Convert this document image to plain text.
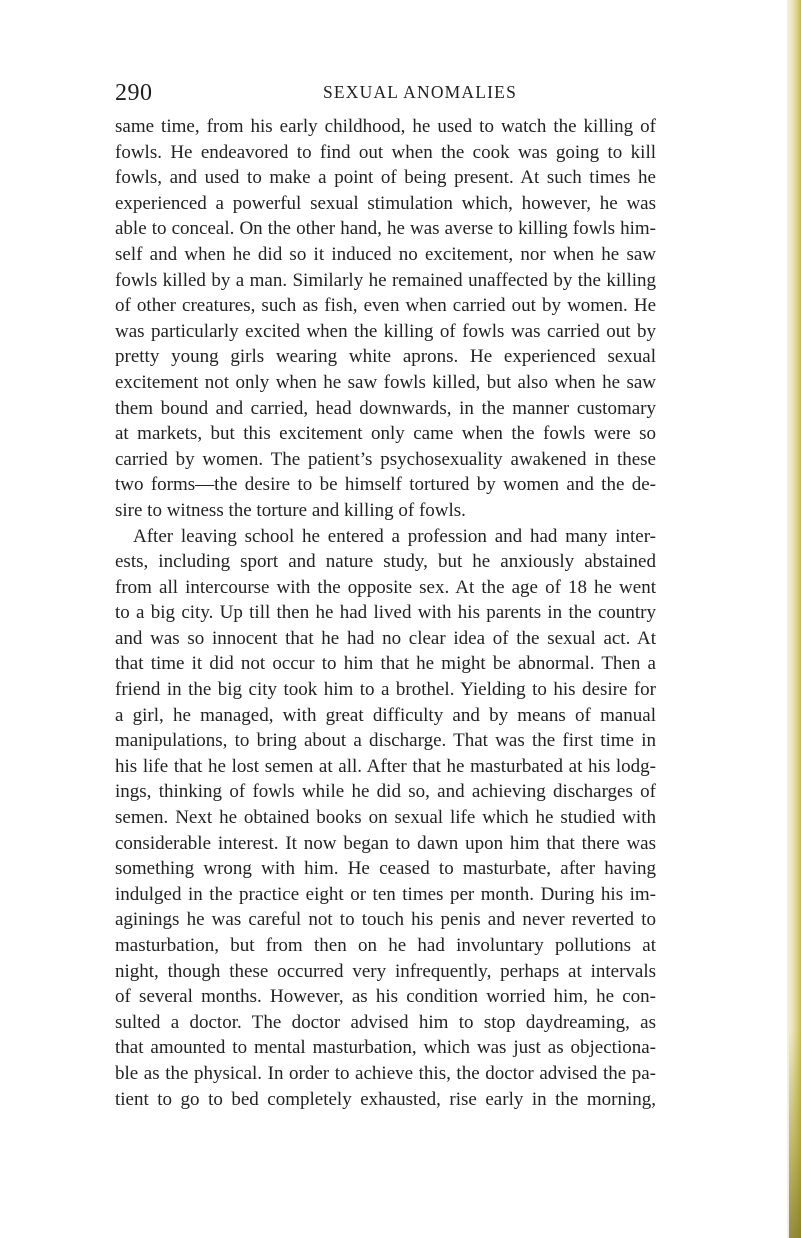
290	SEXUAL ANOMALIES
same time, from his early childhood, he used to watch the killing of
fowls. He endeavored to find out when the cook was going to kill
fowls, and used to make a point of being present. At such times he
experienced a powerful sexual stimulation which, however, he was
able to conceal. On the other hand, he was averse to killing fowls him-
self and when he did so it induced no excitement, nor when he saw
fowls killed by a man. Similarly he remained unaffected by the killing
of other creatures, such as fish, even when carried out by women. He
was particularly excited when the killing of fowls was carried out by
pretty young girls wearing white aprons. He experienced sexual
excitement not only when he saw fowls killed, but also when he saw
them bound and carried, head downwards, in the manner customary
at markets, but this excitement only came when the fowls were so
carried by women. The patient’s psychosexuality awakened in these
two forms—the desire to be himself tortured by women and the de-
sire to witness the torture and killing of fowls.
After leaving school he entered a profession and had many inter-
ests, including sport and nature study, but he anxiously abstained
from all intercourse with the opposite sex. At the age of 18 he went
to a big city. Up till then he had lived with his parents in the country
and was so innocent that he had no clear idea of the sexual act. At
that time it did not occur to him that he might be abnormal. Then a
friend in the big city took him to a brothel. Yielding to his desire for
a girl, he managed, with great difficulty and by means of manual
manipulations, to bring about a discharge. That was the first time in
his life that he lost semen at all. After that he masturbated at his lodg-
ings, thinking of fowls while he did so, and achieving discharges of
semen. Next he obtained books on sexual life which he studied with
considerable interest. It now began to dawn upon him that there was
something wrong with him. He ceased to masturbate, after having
indulged in the practice eight or ten times per month. During his im-
aginings he was careful not to touch his penis and never reverted to
masturbation, but from then on he had involuntary pollutions at
night, though these occurred very infrequently, perhaps at intervals
of several months. However, as his condition worried him, he con-
sulted a doctor. The doctor advised him to stop daydreaming, as
that amounted to mental masturbation, which was just as objectiona-
ble as the physical. In order to achieve this, the doctor advised the pa-
tient to go to bed completely exhausted, rise early in the morning,
